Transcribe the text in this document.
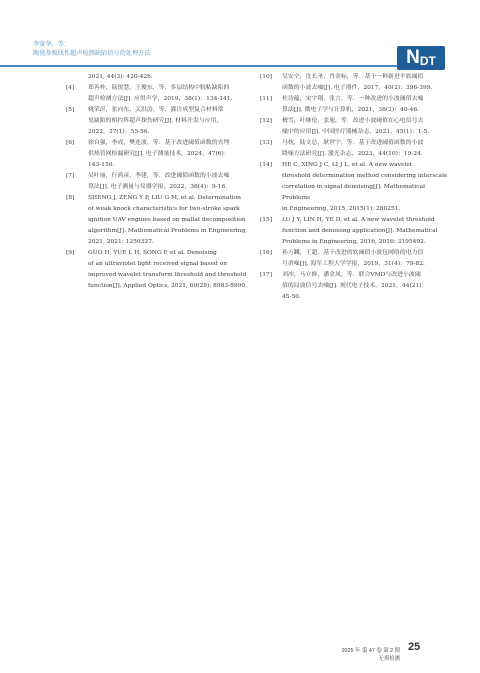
李萤华，等：
陶瓷基板线性超声检测缺陷信号的处理方法	N DT

2021, 44(3): 420-426.

[4] 郑善朴，陆锐慧，王俊东，等．多层结构中脱粘缺陷的
超声检测方法[J]. 应用声学，2019，38(1)：134-141.
[5] 姚荣沂，张向东，关洪涛，等．灌注成型复合材料常
见缺陷的相控阵超声探伤研究[J]. 材料开发与应用，
2022，37(1)：55-56.
[6] 徐自强，李成，樊连波，等．基于改进阈值函数的直埋
供热管网检漏研究[J]. 电子测量技术，2024，47(6)：
143-150.
[7] 吴叶丽，行鸿彦，李建，等．改进阈值函数的小波去噪
算法[J]. 电子测量与仪器学报，2022，36(4)：9-16.
[8] SHENG J, ZENG Y P, LIU G M, et al. Determination
of weak knock characteristics for two-stroke spark
ignition UAV engines based on mallat decomposition
algorithm[J]. Mathematical Problems in Engineering,
2021, 2021: 1250327.
[9] GUO H, YUE L H, SONG P, et al. Denoising
of an ultraviolet light received signal based on
improved wavelet transform threshold and threshold
function[J]. Applied Optics, 2021, 60(28): 8983-8990.
[10] 吴安全，沈长圣，肖金标，等．基于一种新进半软阈值
函数的小波去噪[J]. 电子器件，2017，40(2)：396-399.
[11] 杜诗蕴，宋宇翔，张言，等．一种改进的小波阈值去噪
算法[J]. 微电子学与计算机，2021，38(2)：40-46.
[12] 檀雪，叶继伦，张旭，等．改进小波阈值在心电信号去
噪中的应用[J]. 中国医疗器械杂志，2021，45(1)：1-5.
[13] 马枕，陆文总，耿世宇，等．基于改进阈值函数的小波
降噪方法研究[J]. 激光杂志，2023，44(10)：19-24.
[14] HE C, XING J C, LI J L, et al. A new wavelet
threshold determination method considering interscale
correlation in signal denoising[J]. Mathematical Problems
in Engineering, 2015, 2015(1): 280251.
[15] LU J Y, LIN H, YE D, et al. A new wavelet threshold
function and denoising application[J]. Mathematical
Problems in Engineering, 2016, 2016: 3195492.
[16] 孙万麟，王超．基于改进的软阈值小波包网络的电力信
号消噪[J]. 海军工程大学学报，2019，31(4)：79-82.
[17] 刘冲，马立修，潘金凤，等．联合VMD与改进小波阈
值的局放信号去噪[J]. 现代电子技术，2021，44(21)：
45-50.
2025 年 第 47 卷 第 2 期
无损检测
25
